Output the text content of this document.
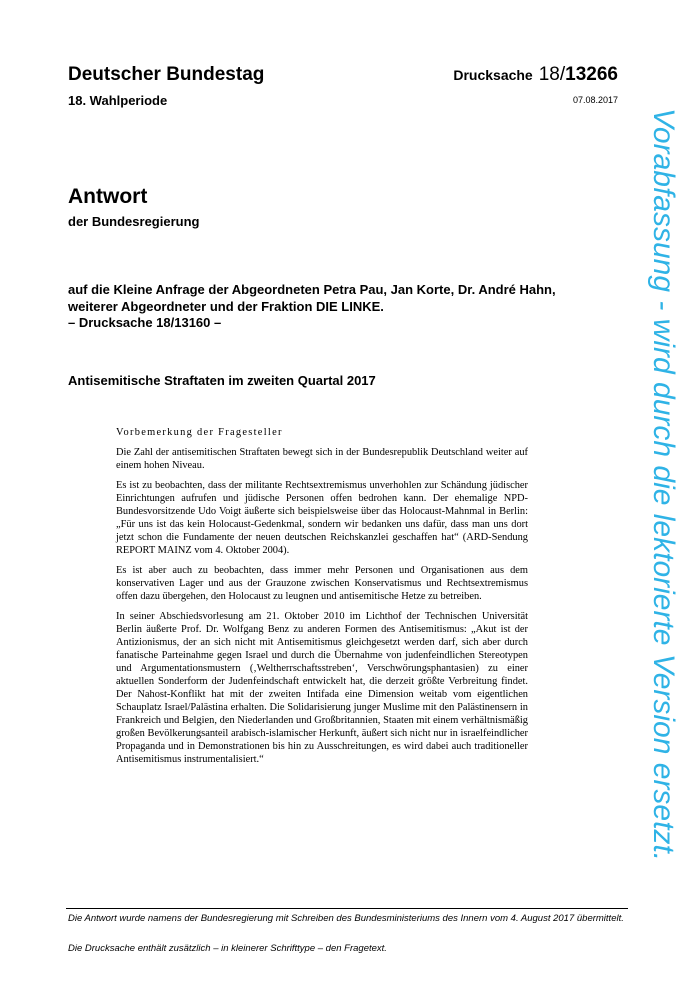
Deutscher Bundestag
18. Wahlperiode
Drucksache 18/13266
07.08.2017
Antwort
der Bundesregierung
auf die Kleine Anfrage der Abgeordneten Petra Pau, Jan Korte, Dr. André Hahn,
weiterer Abgeordneter und der Fraktion DIE LINKE.
– Drucksache 18/13160 –
Antisemitische Straftaten im zweiten Quartal 2017
Vorbemerkung der Fragesteller

Die Zahl der antisemitischen Straftaten bewegt sich in der Bundesrepublik Deutschland weiter auf einem hohen Niveau.

Es ist zu beobachten, dass der militante Rechtsextremismus unverhohlen zur Schändung jüdischer Einrichtungen aufrufen und jüdische Personen offen bedrohen kann. Der ehemalige NPD-Bundesvorsitzende Udo Voigt äußerte sich beispielsweise über das Holocaust-Mahnmal in Berlin: „Für uns ist das kein Holocaust-Gedenkmal, sondern wir bedanken uns dafür, dass man uns dort jetzt schon die Fundamente der neuen deutschen Reichskanzlei geschaffen hat“ (ARD-Sendung REPORT MAINZ vom 4. Oktober 2004).

Es ist aber auch zu beobachten, dass immer mehr Personen und Organisationen aus dem konservativen Lager und aus der Grauzone zwischen Konservatismus und Rechtsextremismus offen dazu übergehen, den Holocaust zu leugnen und antisemitische Hetze zu betreiben.

In seiner Abschiedsvorlesung am 21. Oktober 2010 im Lichthof der Technischen Universität Berlin äußerte Prof. Dr. Wolfgang Benz zu anderen Formen des Antisemitismus: „Akut ist der Antizionismus, der an sich nicht mit Antisemitismus gleichgesetzt werden darf, sich aber durch fanatische Parteinahme gegen Israel und durch die Übernahme von judenfeindlichen Stereotypen und Argumentationsmustern (‚Weltherrschaftsstreben‘, Verschwörungsphantasien) zu einer aktuellen Sonderform der Judenfeindschaft entwickelt hat, die derzeit größte Verbreitung findet. Der Nahost-Konflikt hat mit der zweiten Intifada eine Dimension weitab vom eigentlichen Schauplatz Israel/Palästina erhalten. Die Solidarisierung junger Muslime mit den Palästinensern in Frankreich und Belgien, den Niederlanden und Großbritannien, Staaten mit einem verhältnismäßig großen Bevölkerungsanteil arabisch-islamischer Herkunft, äußert sich nicht nur in israelfeindlicher Propaganda und in Demonstrationen bis hin zu Ausschreitungen, es wird dabei auch traditioneller Antisemitismus instrumentalisiert.“	Vorabfassung - wird durch die lektorierte Version ersetzt.
Die Antwort wurde namens der Bundesregierung mit Schreiben des Bundesministeriums des Innern vom 4. August 2017 übermittelt.
Die Drucksache enthält zusätzlich – in kleinerer Schrifttype – den Fragetext.
